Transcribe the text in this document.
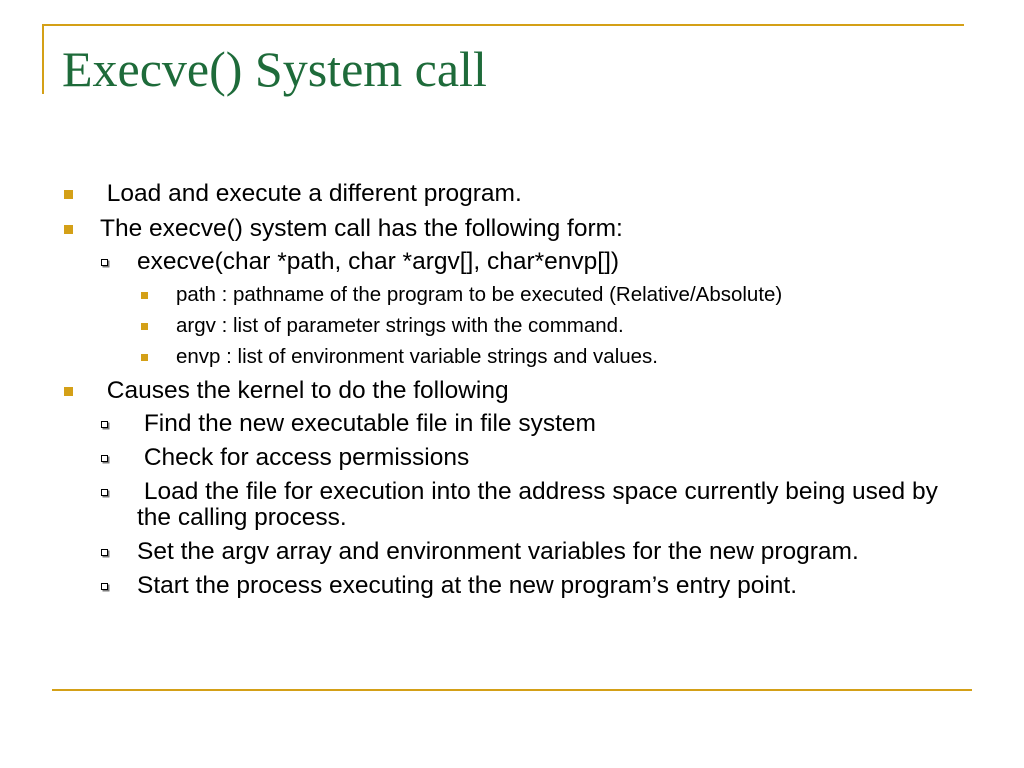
Execve() System call
Load and execute a different program.
The execve() system call has the following form:
execve(char *path, char *argv[], char*envp[])
path : pathname of the program to be executed (Relative/Absolute)
argv : list of parameter strings with the command.
envp : list of environment variable strings and values.
Causes the kernel to do the following
Find the new executable file in file system
Check for access permissions
Load the file for execution into the address space currently being used by the calling process.
Set the argv array and environment variables for the new program.
Start the process executing at the new program’s entry point.
